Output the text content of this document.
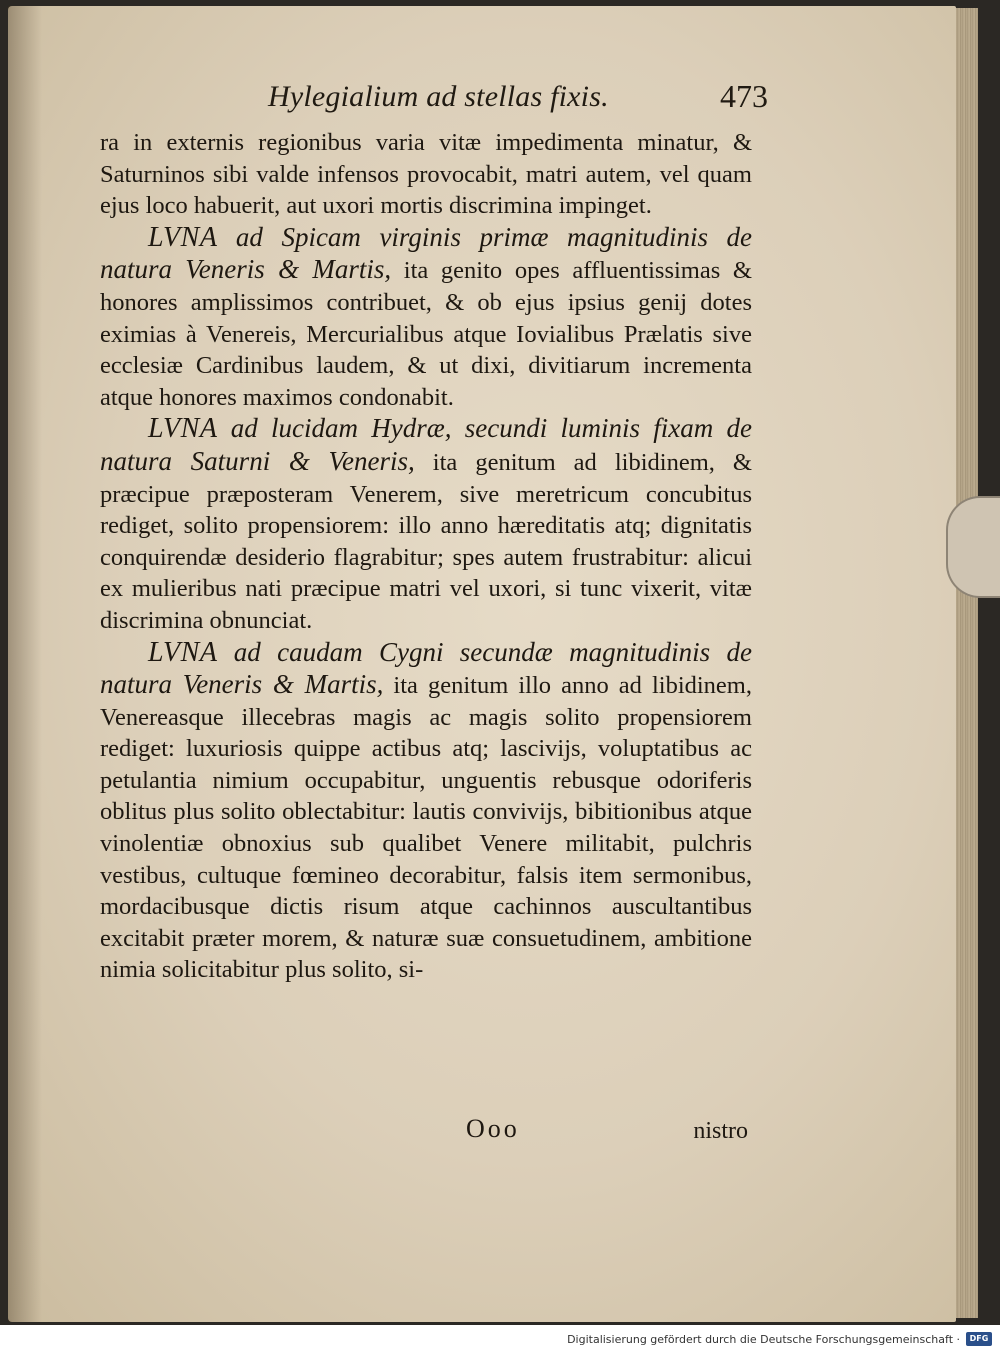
Hylegialium ad stellas fixis.	473

ra in externis regionibus varia vitæ impedimenta minatur, & Saturninos sibi valde infensos provocabit, matri autem, vel quam ejus loco habuerit, aut uxori mortis discrimina impinget.

LVNA ad Spicam virginis primæ magnitudinis de natura Veneris & Martis, ita genito opes affluentissimas & honores amplissimos contribuet, & ob ejus ipsius genij dotes eximias à Venereis, Mercurialibus atque Iovialibus Prælatis sive ecclesiæ Cardinibus laudem, & ut dixi, divitiarum incrementa atque honores maximos condonabit.

LVNA ad lucidam Hydræ, secundi luminis fixam de natura Saturni & Veneris, ita genitum ad libidinem, & præcipue præposteram Venerem, sive meretricum concubitus rediget, solito propensiorem: illo anno hæreditatis atq; dignitatis conquirendæ desiderio flagrabitur; spes autem frustrabitur: alicui ex mulieribus nati præcipue matri vel uxori, si tunc vixerit, vitæ discrimina obnunciat.

LVNA ad caudam Cygni secundæ magnitudinis de natura Veneris & Martis, ita genitum illo anno ad libidinem, Venereasque illecebras magis ac magis solito propensiorem rediget: luxuriosis quippe actibus atq; lascivijs, voluptatibus ac petulantia nimium occupabitur, unguentis rebusque odoriferis oblitus plus solito oblectabitur: lautis convivijs, bibitionibus atque vinolentiæ obnoxius sub qualibet Venere militabit, pulchris vestibus, cultuque fœmineo decorabitur, falsis item sermonibus, mordacibusque dictis risum atque cachinnos auscultantibus excitabit præter morem, & naturæ suæ consuetudinem, ambitione nimia solicitabitur plus solito, si-

Ooo	nistro
Digitalisierung gefördert durch die Deutsche Forschungsgemeinschaft ·	DFG
